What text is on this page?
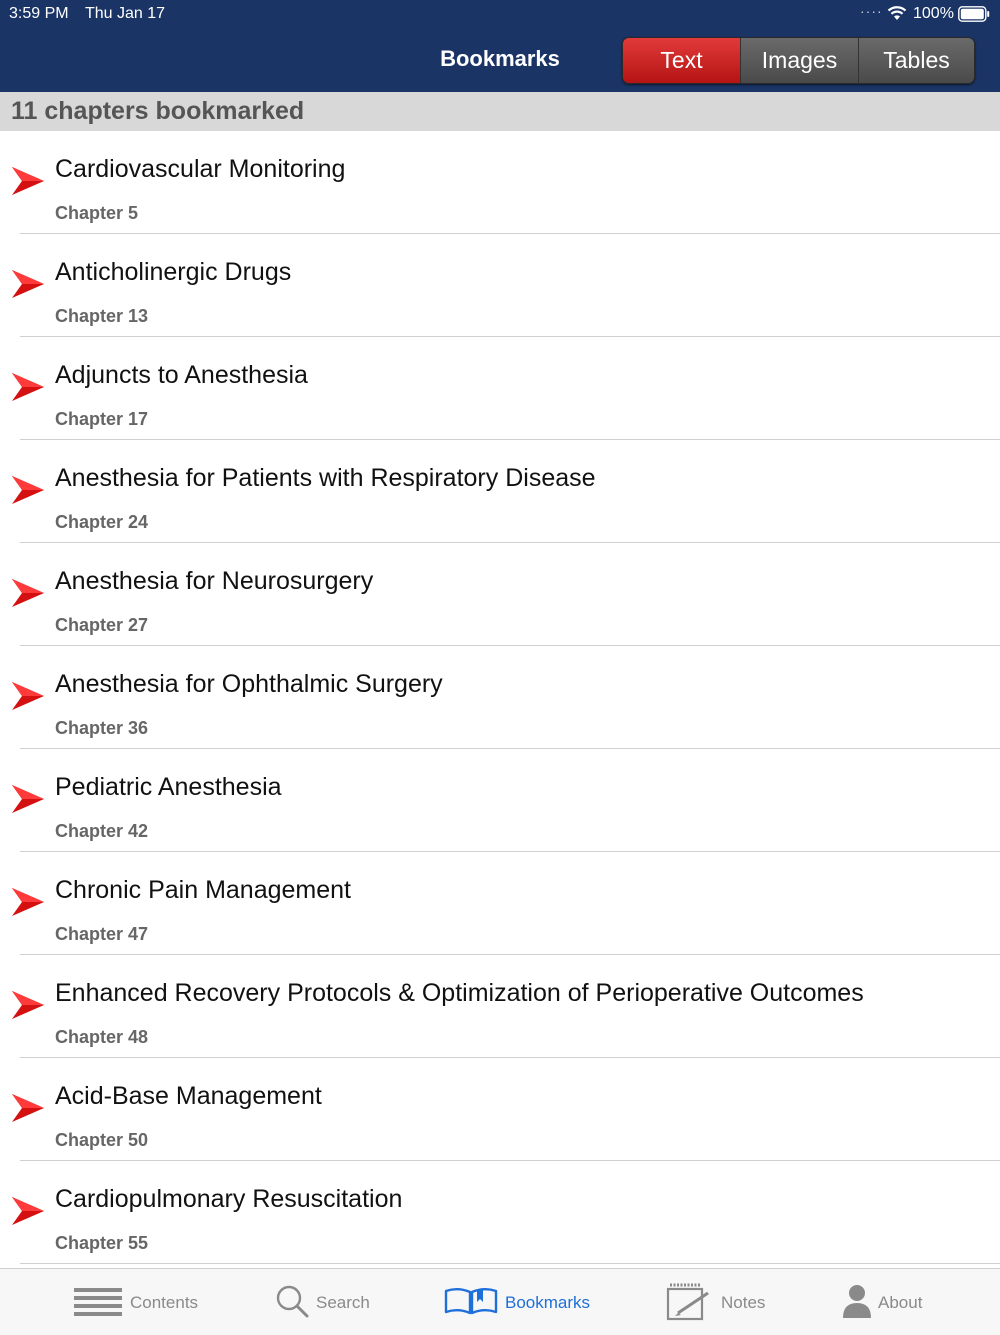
3:59 PM Thu Jan 17	···· 100%
Bookmarks	Text	Images	Tables
11 chapters bookmarked
Cardiovascular Monitoring
Chapter 5
Anticholinergic Drugs
Chapter 13
Adjuncts to Anesthesia
Chapter 17
Anesthesia for Patients with Respiratory Disease
Chapter 24
Anesthesia for Neurosurgery
Chapter 27
Anesthesia for Ophthalmic Surgery
Chapter 36
Pediatric Anesthesia
Chapter 42
Chronic Pain Management
Chapter 47
Enhanced Recovery Protocols & Optimization of Perioperative Outcomes
Chapter 48
Acid-Base Management
Chapter 50
Cardiopulmonary Resuscitation
Chapter 55
Contents	Search	Bookmarks	Notes	About
